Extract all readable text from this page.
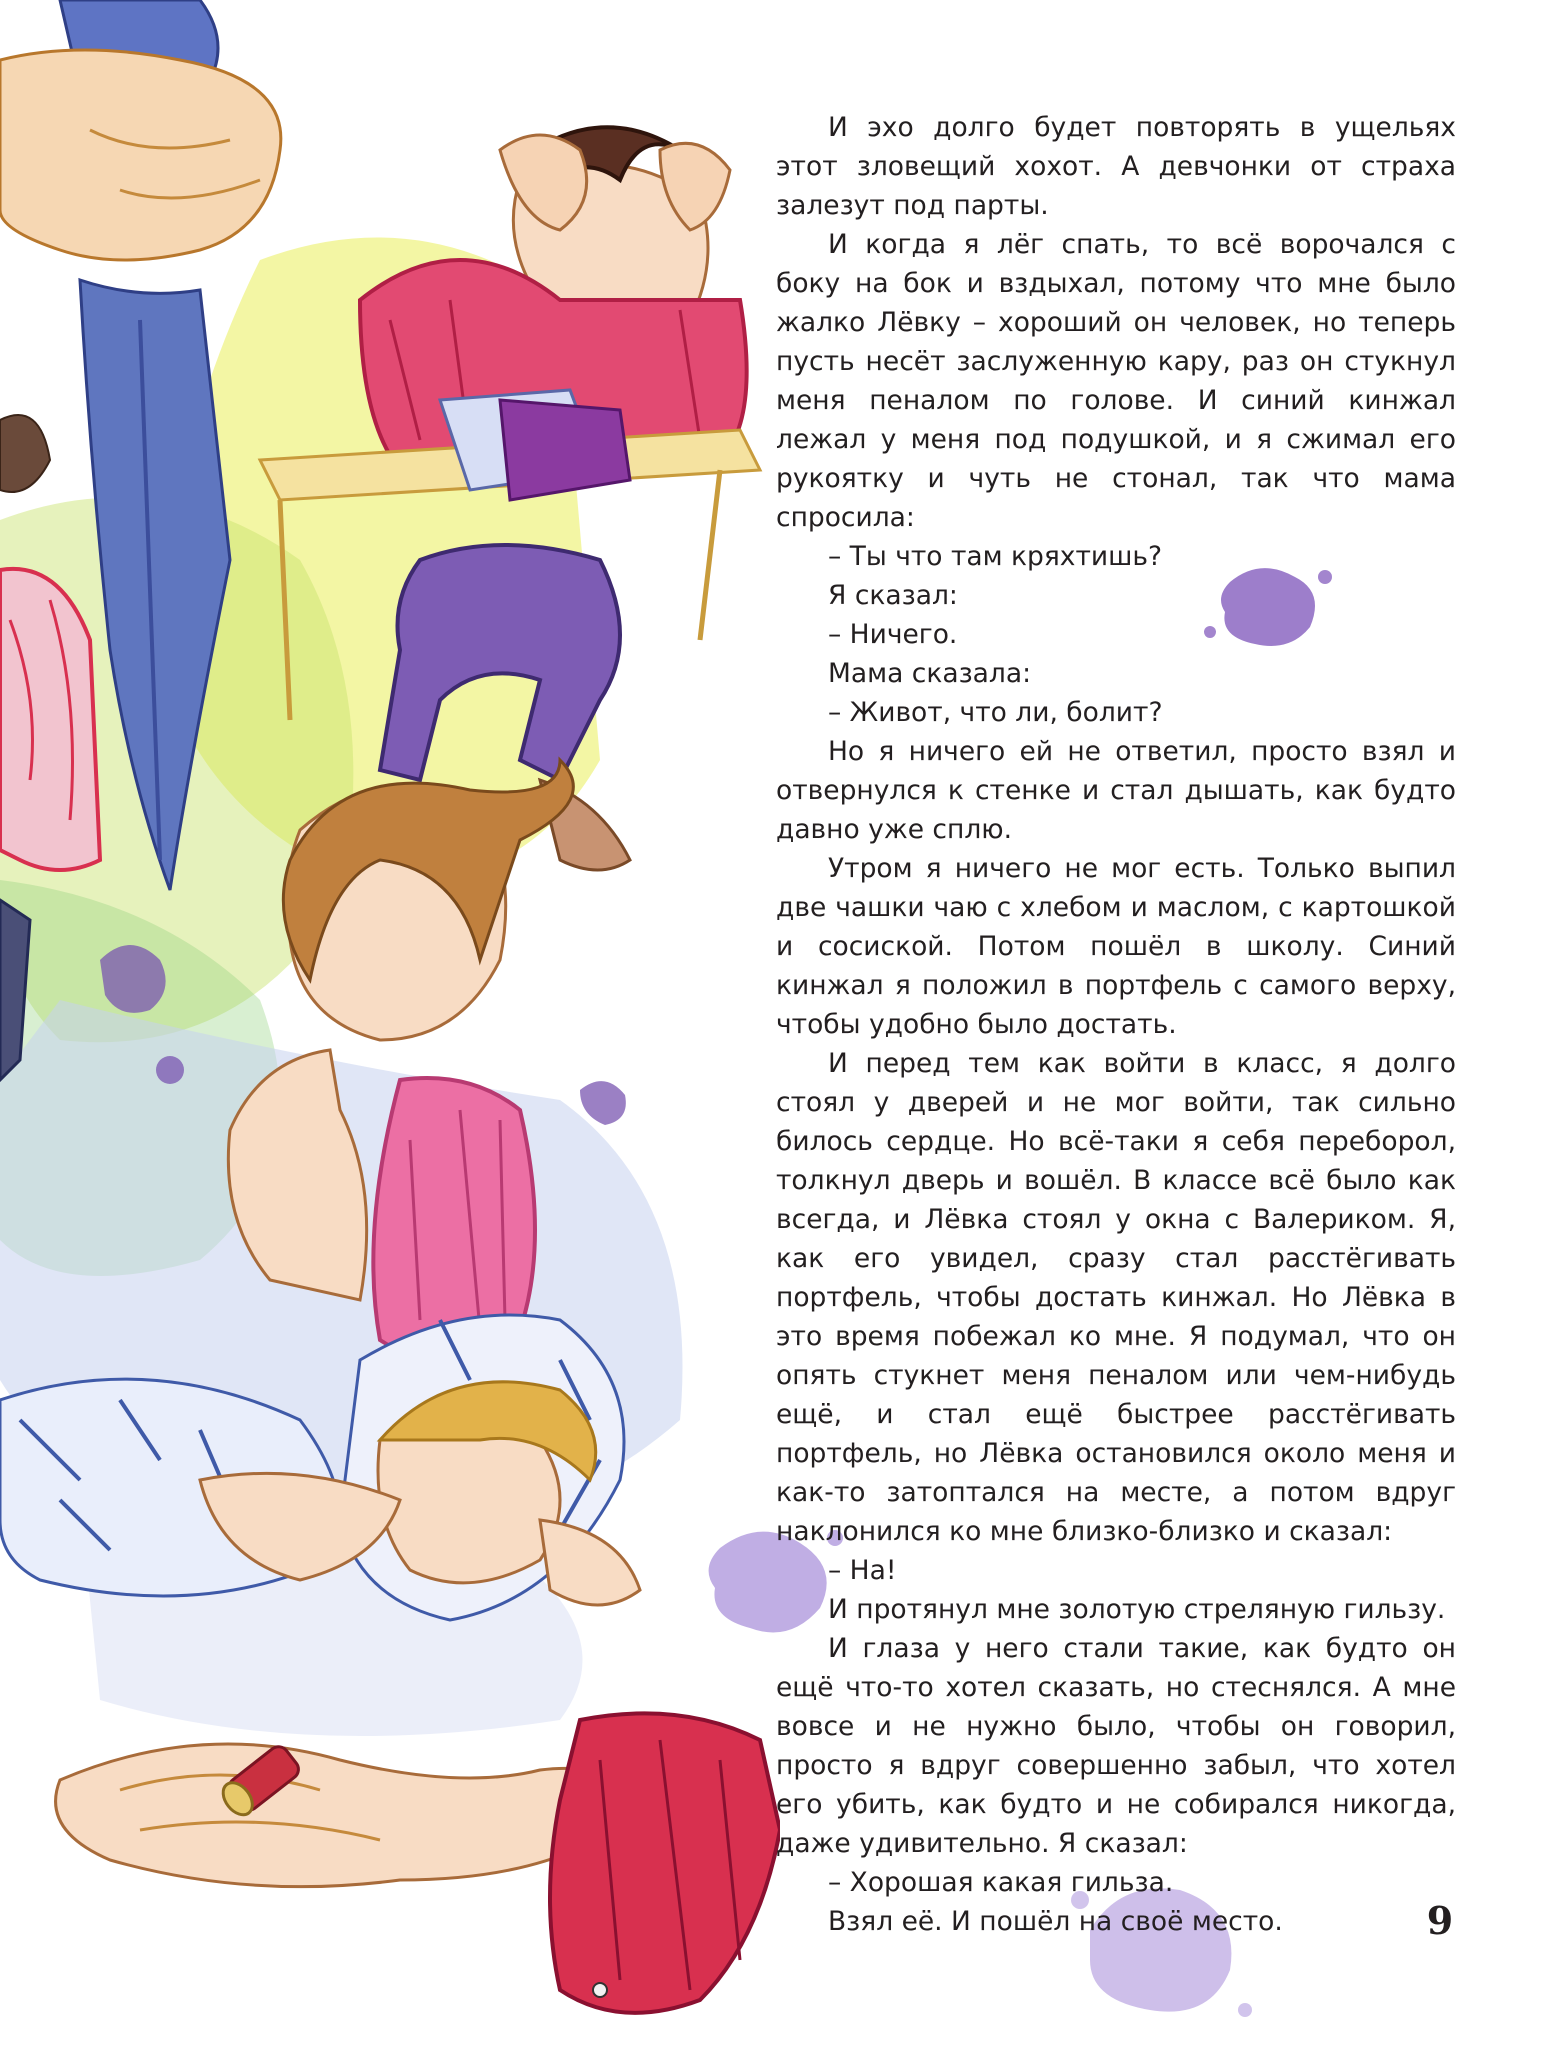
И эхо долго будет повторять в ущельях этот зловещий хохот. А девчонки от страха залезут под парты.

И когда я лёг спать, то всё ворочался с боку на бок и вздыхал, потому что мне было жалко Лёвку – хороший он человек, но теперь пусть несёт заслуженную кару, раз он стукнул меня пеналом по голове. И синий кинжал лежал у меня под подушкой, и я сжимал его рукоятку и чуть не стонал, так что мама спросила:

– Ты что там кряхтишь?

Я сказал:

– Ничего.

Мама сказала:

– Живот, что ли, болит?

Но я ничего ей не ответил, просто взял и отвернулся к стенке и стал дышать, как будто давно уже сплю.

Утром я ничего не мог есть. Только выпил две чашки чаю с хлебом и маслом, с картошкой и сосиской. Потом пошёл в школу. Синий кинжал я положил в портфель с самого верху, чтобы удобно было достать.

И перед тем как войти в класс, я долго стоял у дверей и не мог войти, так сильно билось сердце. Но всё-таки я себя переборол, толкнул дверь и вошёл. В классе всё было как всегда, и Лёвка стоял у окна с Валериком. Я, как его увидел, сразу стал расстёгивать портфель, чтобы достать кинжал. Но Лёвка в это время побежал ко мне. Я подумал, что он опять стукнет меня пеналом или чем-нибудь ещё, и стал ещё быстрее расстёгивать портфель, но Лёвка остановился около меня и как-то затоптался на месте, а потом вдруг наклонился ко мне близко-близко и сказал:

– На!

И протянул мне золотую стреляную гильзу.

И глаза у него стали такие, как будто он ещё что-то хотел сказать, но стеснялся. А мне вовсе и не нужно было, чтобы он говорил, просто я вдруг совершенно забыл, что хотел его убить, как будто и не собирался никогда, даже удивительно. Я сказал:

– Хорошая какая гильза.

Взял её. И пошёл на своё место.	9
